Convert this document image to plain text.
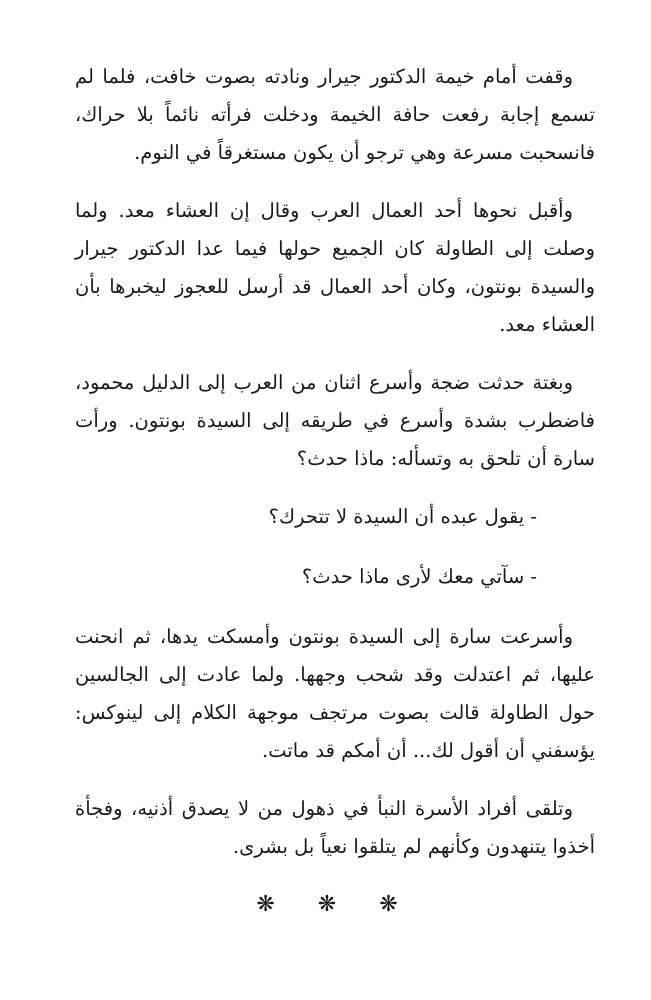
وقفت أمام خيمة الدكتور جيرار ونادته بصوت خافت، فلما لم تسمع إجابة رفعت حافة الخيمة ودخلت فرأته نائماً بلا حراك، فانسحبت مسرعة وهي ترجو أن يكون مستغرقاً في النوم.

وأقبل نحوها أحد العمال العرب وقال إن العشاء معد. ولما وصلت إلى الطاولة كان الجميع حولها فيما عدا الدكتور جيرار والسيدة بونتون، وكان أحد العمال قد أرسل للعجوز ليخبرها بأن العشاء معد.

وبغتة حدثت ضجة وأسرع اثنان من العرب إلى الدليل محمود، فاضطرب بشدة وأسرع في طريقه إلى السيدة بونتون. ورأت سارة أن تلحق به وتسأله: ماذا حدث؟

- يقول عبده أن السيدة لا تتحرك؟

- سآتي معك لأرى ماذا حدث؟

وأسرعت سارة إلى السيدة بونتون وأمسكت يدها، ثم انحنت عليها، ثم اعتدلت وقد شحب وجهها. ولما عادت إلى الجالسين حول الطاولة قالت بصوت مرتجف موجهة الكلام إلى لينوكس: يؤسفني أن أقول لك... أن أمكم قد ماتت.

وتلقى أفراد الأسرة النبأ في ذهول من لا يصدق أذنيه، وفجأة أخذوا يتنهدون وكأنهم لم يتلقوا نعياً بل بشرى.

❋ ❋ ❋
